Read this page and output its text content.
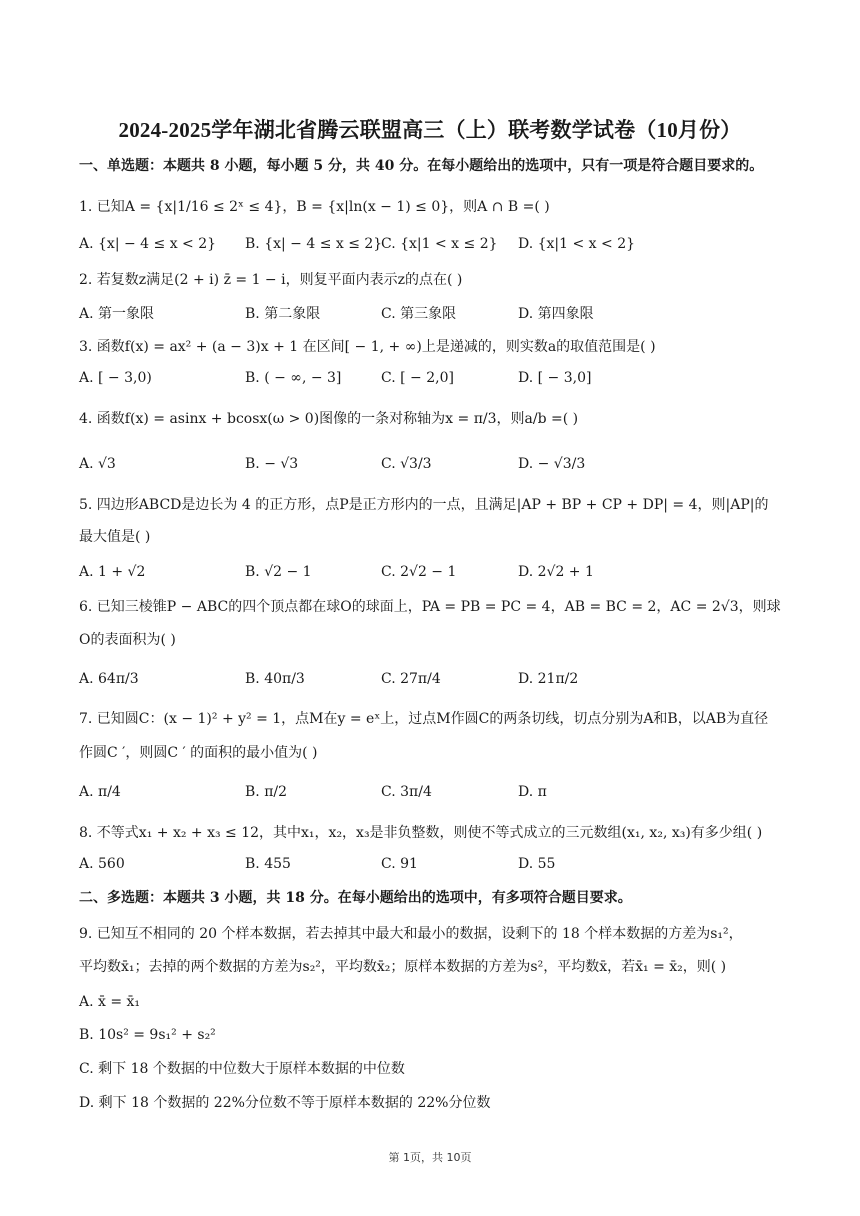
2024-2025学年湖北省腾云联盟高三（上）联考数学试卷（10月份）
一、单选题：本题共 8 小题，每小题 5 分，共 40 分。在每小题给出的选项中，只有一项是符合题目要求的。
1. 已知A = {x|1/16 ≤ 2ˣ ≤ 4}，B = {x|ln(x − 1) ≤ 0}，则A ∩ B =( )
A. {x| − 4 ≤ x < 2} B. {x| − 4 ≤ x ≤ 2}
C. {x|1 < x ≤ 2} D. {x|1 < x < 2}
2. 若复数z满足(2 + i) z̄ = 1 − i，则复平面内表示z的点在( )
A. 第一象限	B. 第二象限	C. 第三象限	D. 第四象限
3. 函数f(x) = ax² + (a − 3)x + 1 在区间[ − 1, + ∞)上是递减的，则实数a的取值范围是( )
A. [ − 3,0)	B. ( − ∞, − 3]	C. [ − 2,0]	D. [ − 3,0]
4. 函数f(x) = asinx + bcosx(ω > 0)图像的一条对称轴为x = π/3，则a/b =( )
A. √3	B. − √3	C. √3/3	D. − √3/3
5. 四边形ABCD是边长为 4 的正方形，点P是正方形内的一点，且满足|AP + BP + CP + DP| = 4，则|AP|的
最大值是( )
A. 1 + √2	B. √2 − 1	C. 2√2 − 1	D. 2√2 + 1
6. 已知三棱锥P − ABC的四个顶点都在球O的球面上，PA = PB = PC = 4，AB = BC = 2，AC = 2√3，则球
O的表面积为( )
A. 64π/3	B. 40π/3	C. 27π/4	D. 21π/2
7. 已知圆C：(x − 1)² + y² = 1，点M在y = eˣ上，过点M作圆C的两条切线，切点分别为A和B，以AB为直径
作圆C ′，则圆C ′ 的面积的最小值为( )
A. π/4	B. π/2	C. 3π/4	D. π
8. 不等式x₁ + x₂ + x₃ ≤ 12，其中x₁，x₂，x₃是非负整数，则使不等式成立的三元数组(x₁, x₂, x₃)有多少组( )
A. 560	B. 455	C. 91	D. 55
二、多选题：本题共 3 小题，共 18 分。在每小题给出的选项中，有多项符合题目要求。
9. 已知互不相同的 20 个样本数据，若去掉其中最大和最小的数据，设剩下的 18 个样本数据的方差为s₁²，
平均数x̄₁；去掉的两个数据的方差为s₂²，平均数x̄₂；原样本数据的方差为s²，平均数x̄，若x̄₁ = x̄₂，则( )
A. x̄ = x̄₁
B. 10s² = 9s₁² + s₂²
C. 剩下 18 个数据的中位数大于原样本数据的中位数
D. 剩下 18 个数据的 22%分位数不等于原样本数据的 22%分位数
第 1页，共 10页
